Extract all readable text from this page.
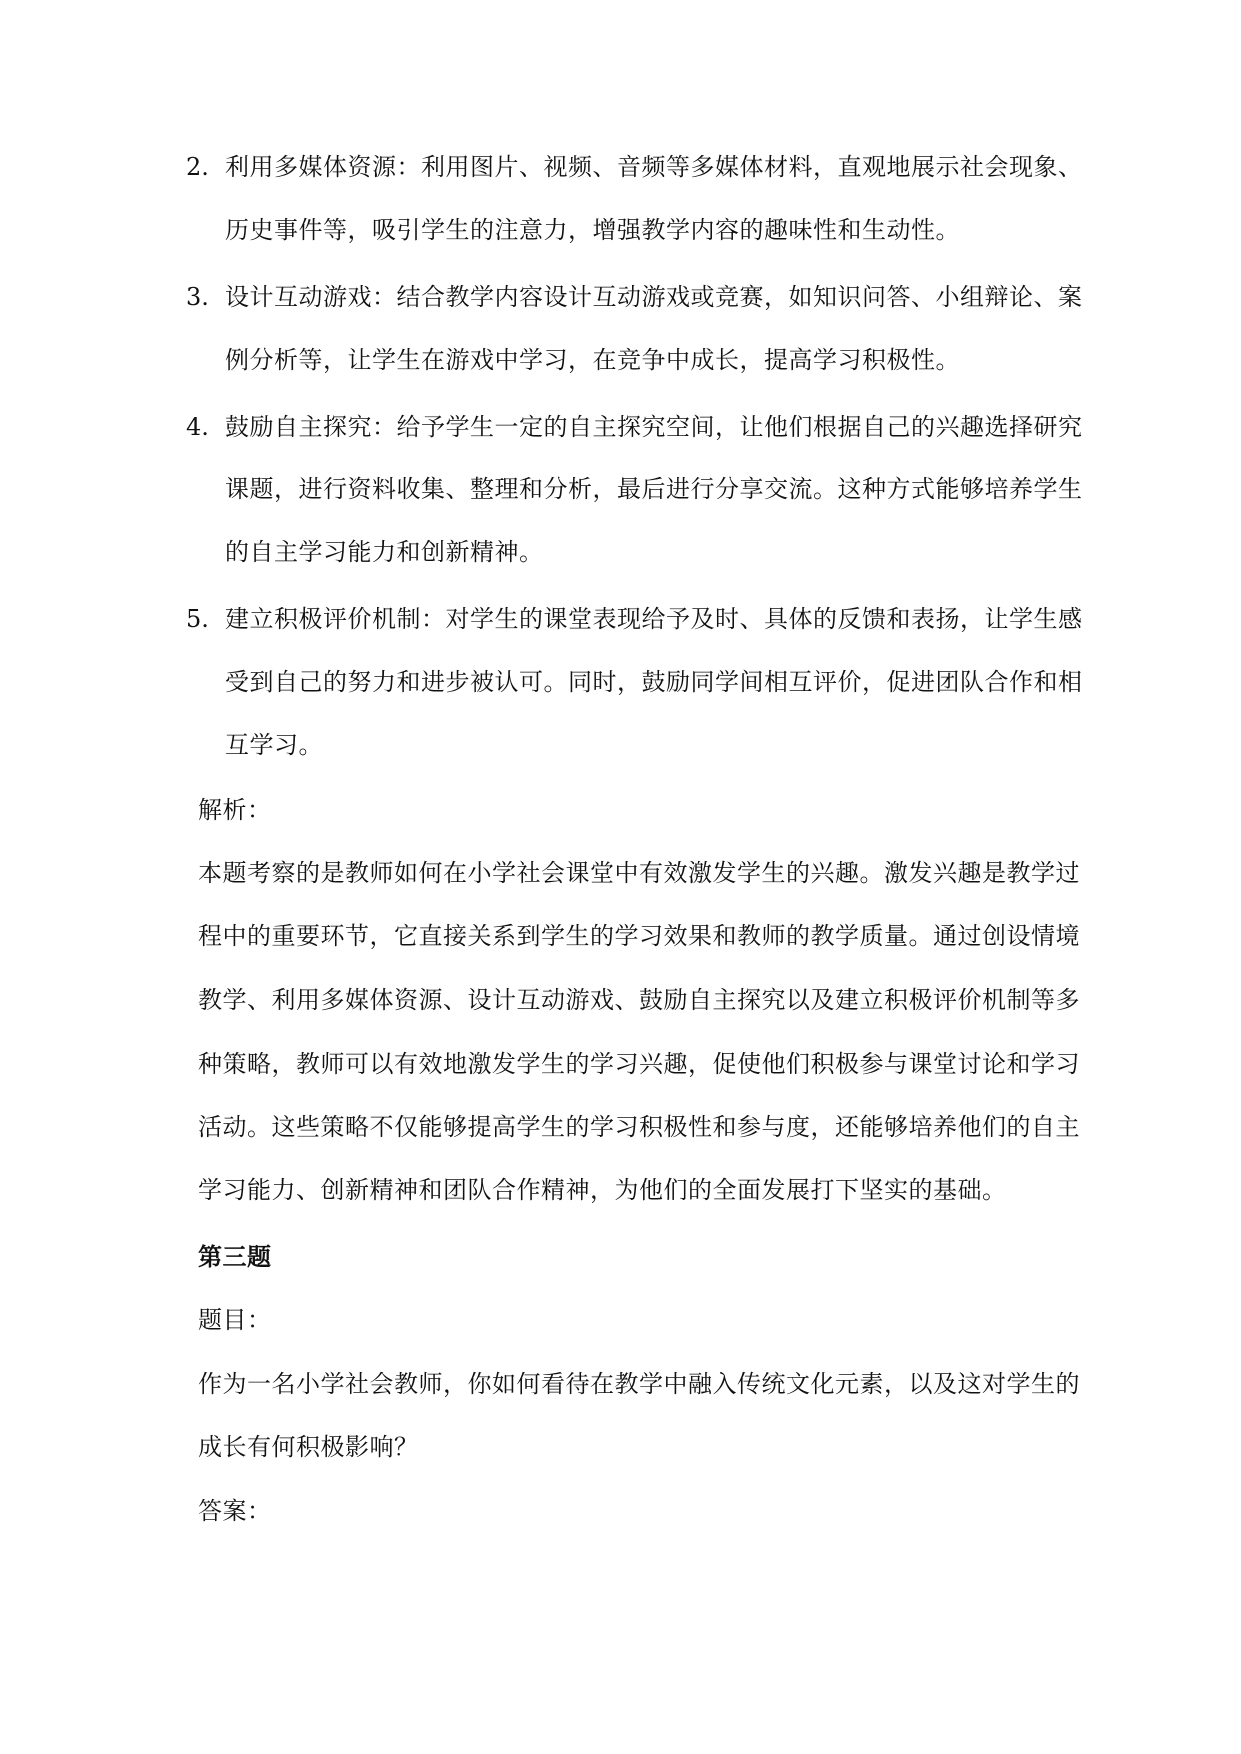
2. 利用多媒体资源：利用图片、视频、音频等多媒体材料，直观地展示社会现象、
历史事件等，吸引学生的注意力，增强教学内容的趣味性和生动性。
3. 设计互动游戏：结合教学内容设计互动游戏或竞赛，如知识问答、小组辩论、案
例分析等，让学生在游戏中学习，在竞争中成长，提高学习积极性。
4. 鼓励自主探究：给予学生一定的自主探究空间，让他们根据自己的兴趣选择研究
课题，进行资料收集、整理和分析，最后进行分享交流。这种方式能够培养学生
的自主学习能力和创新精神。
5. 建立积极评价机制：对学生的课堂表现给予及时、具体的反馈和表扬，让学生感
受到自己的努力和进步被认可。同时，鼓励同学间相互评价，促进团队合作和相
互学习。
解析：
本题考察的是教师如何在小学社会课堂中有效激发学生的兴趣。激发兴趣是教学过
程中的重要环节，它直接关系到学生的学习效果和教师的教学质量。通过创设情境
教学、利用多媒体资源、设计互动游戏、鼓励自主探究以及建立积极评价机制等多
种策略，教师可以有效地激发学生的学习兴趣，促使他们积极参与课堂讨论和学习
活动。这些策略不仅能够提高学生的学习积极性和参与度，还能够培养他们的自主
学习能力、创新精神和团队合作精神，为他们的全面发展打下坚实的基础。
第三题
题目：
作为一名小学社会教师，你如何看待在教学中融入传统文化元素，以及这对学生的
成长有何积极影响？
答案：
